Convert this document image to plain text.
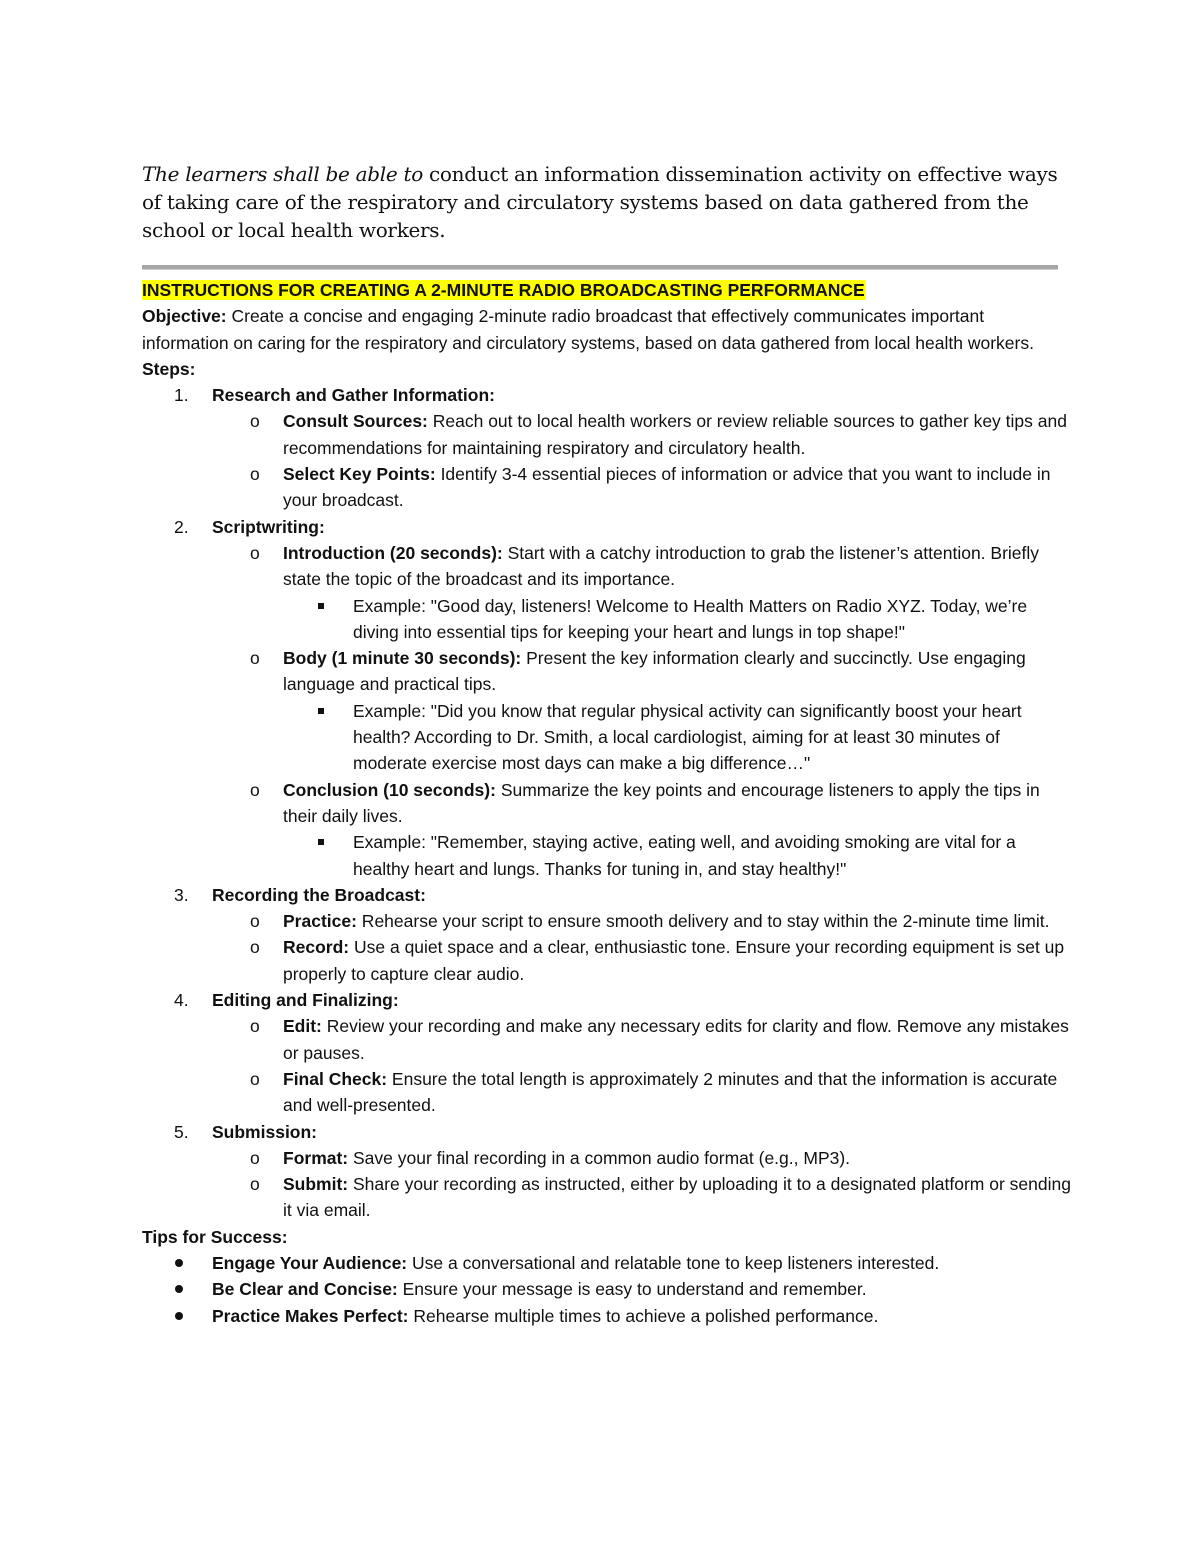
The learners shall be able to conduct an information dissemination activity on effective ways of taking care of the respiratory and circulatory systems based on data gathered from the school or local health workers.

INSTRUCTIONS FOR CREATING A 2-MINUTE RADIO BROADCASTING PERFORMANCE

Objective: Create a concise and engaging 2-minute radio broadcast that effectively communicates important information on caring for the respiratory and circulatory systems, based on data gathered from local health workers.

Steps:

1. Research and Gather Information:
o Consult Sources: Reach out to local health workers or review reliable sources to gather key tips and recommendations for maintaining respiratory and circulatory health.
o Select Key Points: Identify 3-4 essential pieces of information or advice that you want to include in your broadcast.
2. Scriptwriting:
o Introduction (20 seconds): Start with a catchy introduction to grab the listener’s attention. Briefly state the topic of the broadcast and its importance.
Example: "Good day, listeners! Welcome to Health Matters on Radio XYZ. Today, we’re diving into essential tips for keeping your heart and lungs in top shape!"
o Body (1 minute 30 seconds): Present the key information clearly and succinctly. Use engaging language and practical tips.
Example: "Did you know that regular physical activity can significantly boost your heart health? According to Dr. Smith, a local cardiologist, aiming for at least 30 minutes of moderate exercise most days can make a big difference…"
o Conclusion (10 seconds): Summarize the key points and encourage listeners to apply the tips in their daily lives.
Example: "Remember, staying active, eating well, and avoiding smoking are vital for a healthy heart and lungs. Thanks for tuning in, and stay healthy!"
3. Recording the Broadcast:
o Practice: Rehearse your script to ensure smooth delivery and to stay within the 2-minute time limit.
o Record: Use a quiet space and a clear, enthusiastic tone. Ensure your recording equipment is set up properly to capture clear audio.
4. Editing and Finalizing:
o Edit: Review your recording and make any necessary edits for clarity and flow. Remove any mistakes or pauses.
o Final Check: Ensure the total length is approximately 2 minutes and that the information is accurate and well-presented.
5. Submission:
o Format: Save your final recording in a common audio format (e.g., MP3).
o Submit: Share your recording as instructed, either by uploading it to a designated platform or sending it via email.

Tips for Success:

Engage Your Audience: Use a conversational and relatable tone to keep listeners interested.
Be Clear and Concise: Ensure your message is easy to understand and remember.
Practice Makes Perfect: Rehearse multiple times to achieve a polished performance.
